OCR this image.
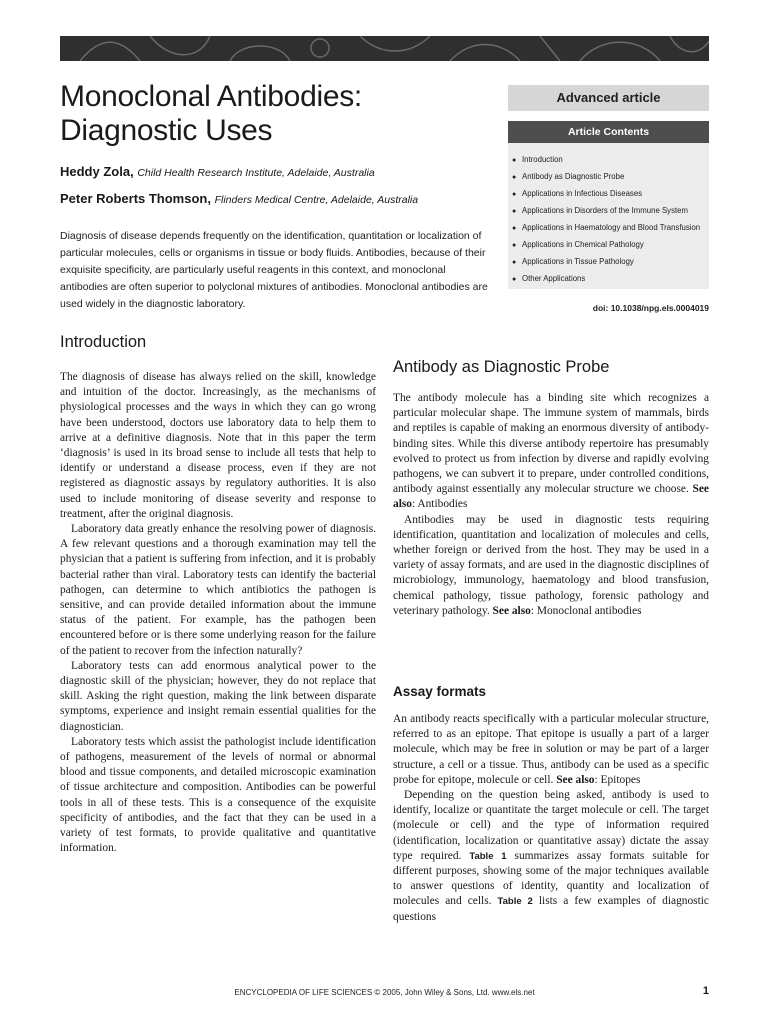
Monoclonal Antibodies: Diagnostic Uses
Heddy Zola, Child Health Research Institute, Adelaide, Australia
Peter Roberts Thomson, Flinders Medical Centre, Adelaide, Australia

Diagnosis of disease depends frequently on the identification, quantitation or localization of particular molecules, cells or organisms in tissue or body fluids. Antibodies, because of their exquisite specificity, are particularly useful reagents in this context, and monoclonal antibodies are often superior to polyclonal mixtures of antibodies. Monoclonal antibodies are used widely in the diagnostic laboratory.

Advanced article
Article Contents
● Introduction
● Antibody as Diagnostic Probe
● Applications in Infectious Diseases
● Applications in Disorders of the Immune System
● Applications in Haematology and Blood Transfusion
● Applications in Chemical Pathology
● Applications in Tissue Pathology
● Other Applications
doi: 10.1038/npg.els.0004019
Introduction

The diagnosis of disease has always relied on the skill, knowledge and intuition of the doctor. Increasingly, as the mechanisms of physiological processes and the ways in which they can go wrong have been understood, doctors use laboratory data to help them to arrive at a definitive diagnosis. Note that in this paper the term ‘diagnosis’ is used in its broad sense to include all tests that help to identify or understand a disease process, even if they are not registered as diagnostic assays by regulatory authorities. It is also used to include monitoring of disease severity and response to treatment, after the original diagnosis.

Laboratory data greatly enhance the resolving power of diagnosis. A few relevant questions and a thorough examination may tell the physician that a patient is suffering from infection, and it is probably bacterial rather than viral. Laboratory tests can identify the bacterial pathogen, can determine to which antibiotics the pathogen is sensitive, and can provide detailed information about the immune status of the patient. For example, has the pathogen been encountered before or is there some underlying reason for the failure of the patient to recover from the infection naturally?

Laboratory tests can add enormous analytical power to the diagnostic skill of the physician; however, they do not replace that skill. Asking the right question, making the link between disparate symptoms, experience and insight remain essential qualities for the diagnostician.

Laboratory tests which assist the pathologist include identification of pathogens, measurement of the levels of normal or abnormal blood and tissue components, and detailed microscopic examination of tissue architecture and composition. Antibodies can be powerful tools in all of these tests. This is a consequence of the exquisite specificity of antibodies, and the fact that they can be used in a variety of test formats, to provide qualitative and quantitative information.

Antibody as Diagnostic Probe

The antibody molecule has a binding site which recognizes a particular molecular shape. The immune system of mammals, birds and reptiles is capable of making an enormous diversity of antibody-binding sites. While this diverse antibody repertoire has presumably evolved to protect us from infection by diverse and rapidly evolving pathogens, we can subvert it to prepare, under controlled conditions, antibody against essentially any molecular structure we choose. See also: Antibodies

Antibodies may be used in diagnostic tests requiring identification, quantitation and localization of molecules and cells, whether foreign or derived from the host. They may be used in a variety of assay formats, and are used in the diagnostic disciplines of microbiology, immunology, haematology and blood transfusion, chemical pathology, tissue pathology, forensic pathology and veterinary pathology. See also: Monoclonal antibodies

Assay formats

An antibody reacts specifically with a particular molecular structure, referred to as an epitope. That epitope is usually a part of a larger molecule, which may be free in solution or may be part of a larger structure, a cell or a tissue. Thus, antibody can be used as a specific probe for epitope, molecule or cell. See also: Epitopes

Depending on the question being asked, antibody is used to identify, localize or quantitate the target molecule or cell. The target (molecule or cell) and the type of information required (identification, localization or quantitative assay) dictate the assay type required. Table 1 summarizes assay formats suitable for different purposes, showing some of the major techniques available to answer questions of identity, quantity and localization of molecules and cells. Table 2 lists a few examples of diagnostic questions

ENCYCLOPEDIA OF LIFE SCIENCES © 2005, John Wiley & Sons, Ltd. www.els.net	1
